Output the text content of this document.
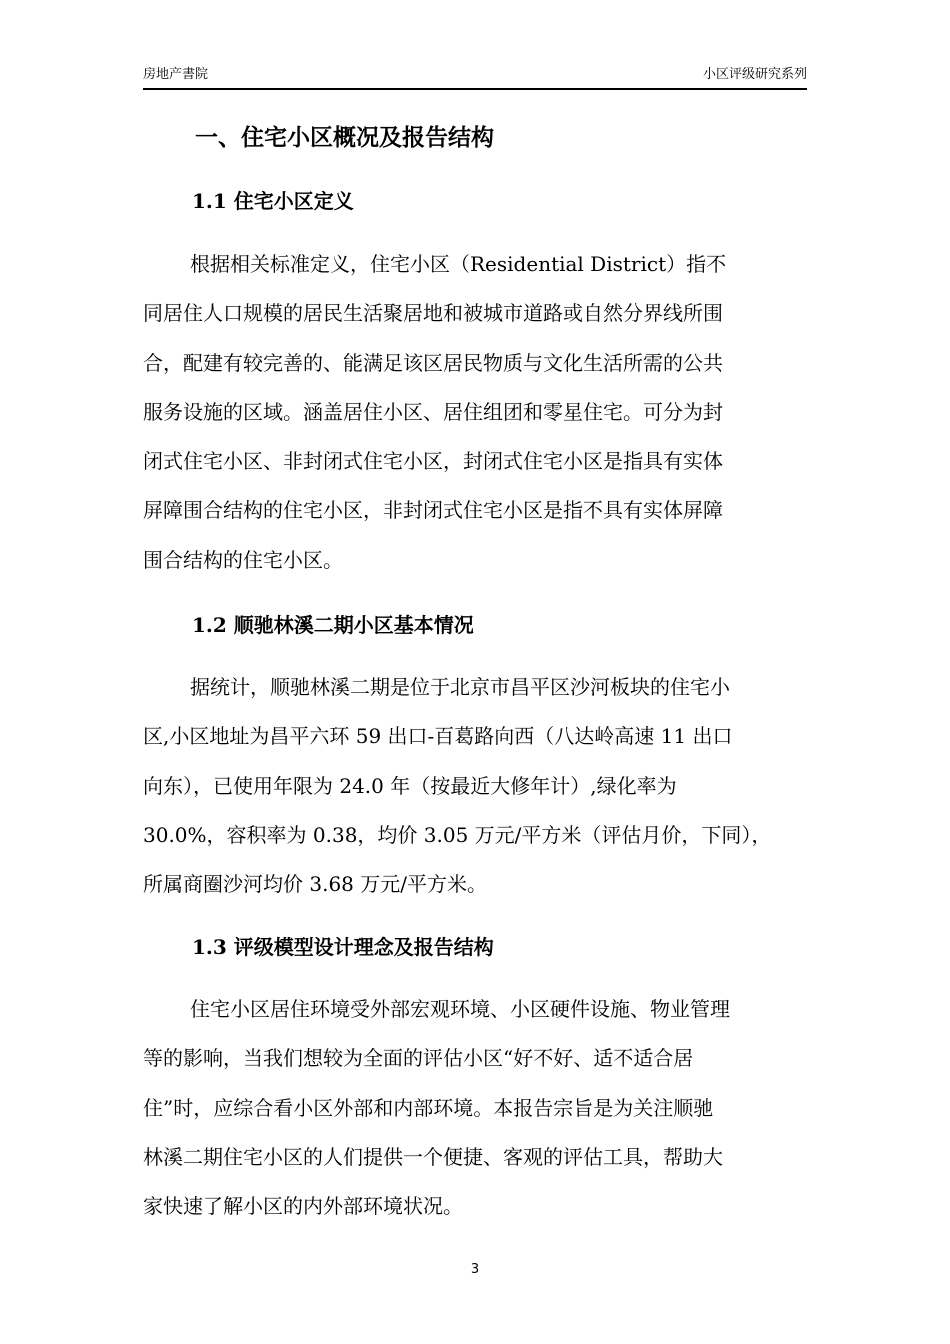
房地产書院	小区评级研究系列
一、住宅小区概况及报告结构
1.1 住宅小区定义
根据相关标准定义，住宅小区（Residential District）指不
同居住人口规模的居民生活聚居地和被城市道路或自然分界线所围
合，配建有较完善的、能满足该区居民物质与文化生活所需的公共
服务设施的区域。涵盖居住小区、居住组团和零星住宅。可分为封
闭式住宅小区、非封闭式住宅小区，封闭式住宅小区是指具有实体
屏障围合结构的住宅小区，非封闭式住宅小区是指不具有实体屏障
围合结构的住宅小区。
1.2 顺驰林溪二期小区基本情况
据统计，顺驰林溪二期是位于北京市昌平区沙河板块的住宅小
区,小区地址为昌平六环 59 出口-百葛路向西（八达岭高速 11 出口
向东），已使用年限为 24.0 年（按最近大修年计）,绿化率为
30.0%，容积率为 0.38，均价 3.05 万元/平方米（评估月价，下同），
所属商圈沙河均价 3.68 万元/平方米。
1.3 评级模型设计理念及报告结构
住宅小区居住环境受外部宏观环境、小区硬件设施、物业管理
等的影响，当我们想较为全面的评估小区“好不好、适不适合居
住”时，应综合看小区外部和内部环境。本报告宗旨是为关注顺驰
林溪二期住宅小区的人们提供一个便捷、客观的评估工具，帮助大
家快速了解小区的内外部环境状况。
3
